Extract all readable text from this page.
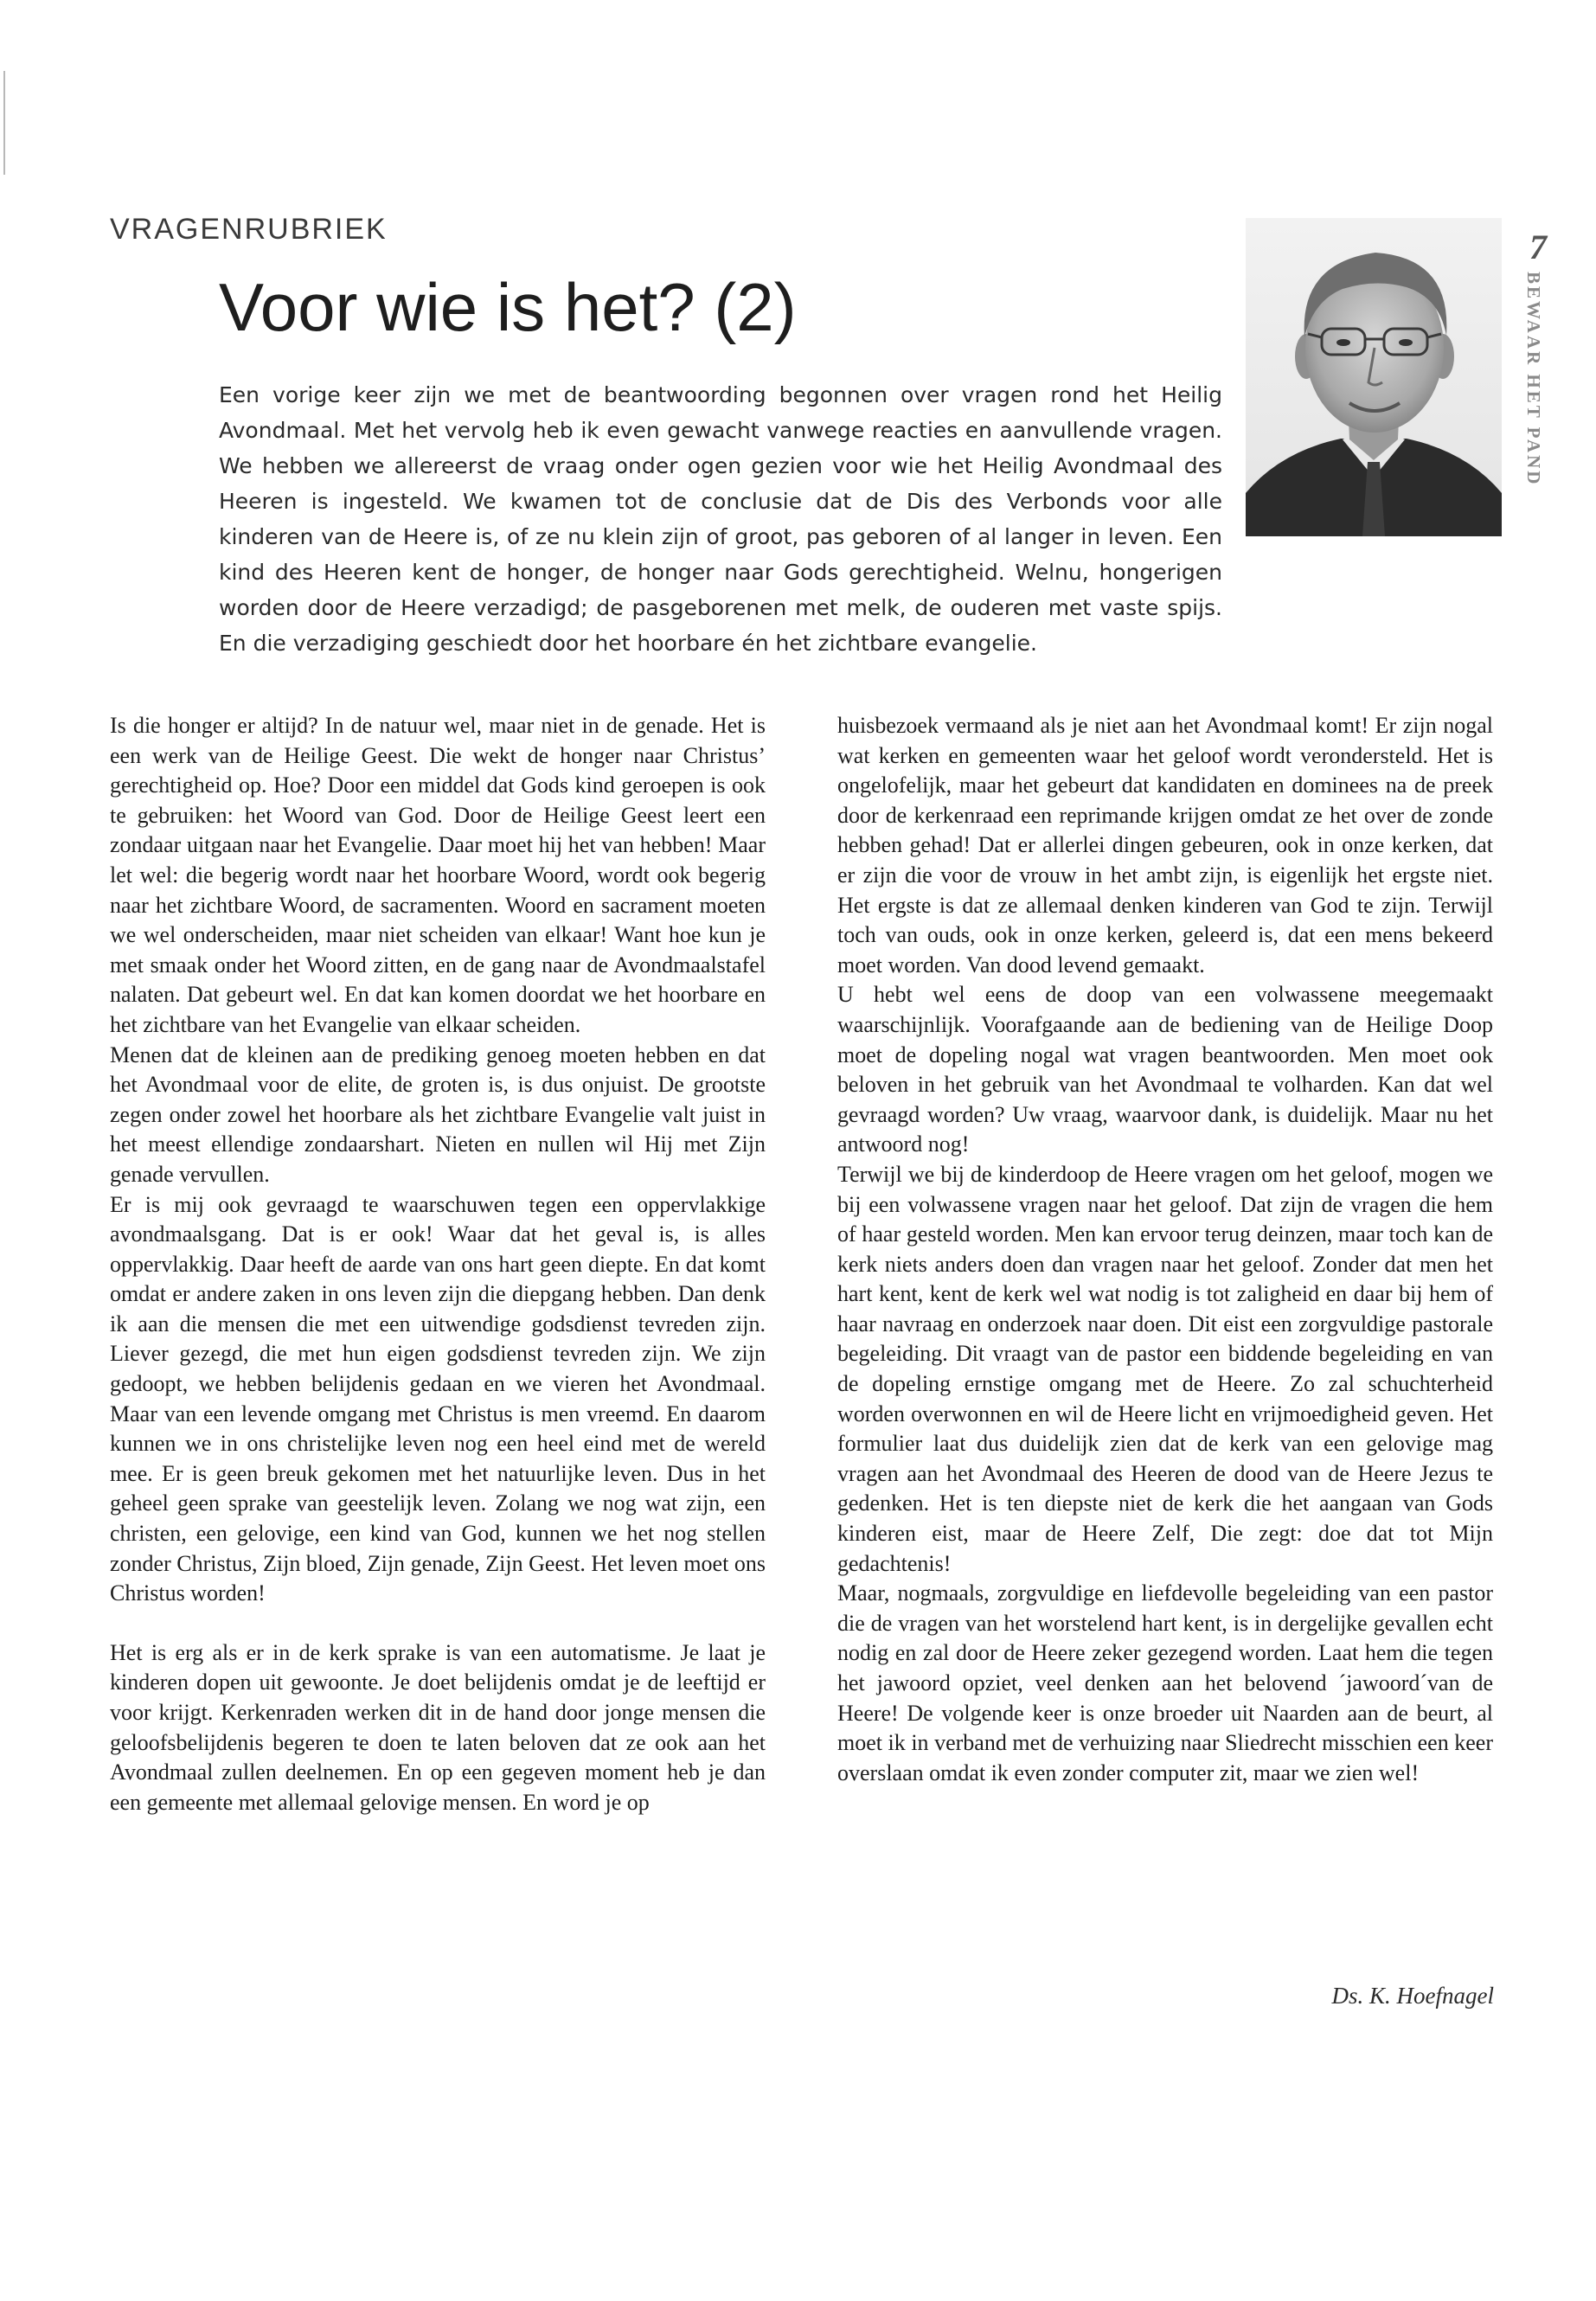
VRAGENRUBRIEK
Voor wie is het? (2)

Een vorige keer zijn we met de beantwoording begonnen over vragen rond het Heilig Avondmaal. Met het vervolg heb ik even gewacht vanwege reacties en aanvullende vragen. We hebben we allereerst de vraag onder ogen gezien voor wie het Heilig Avondmaal des Heeren is ingesteld. We kwamen tot de conclusie dat de Dis des Verbonds voor alle kinderen van de Heere is, of ze nu klein zijn of groot, pas geboren of al langer in leven. Een kind des Heeren kent de honger, de honger naar Gods gerechtigheid. Welnu, hongerigen worden door de Heere verzadigd; de pasgeborenen met melk, de ouderen met vaste spijs. En die verzadiging geschiedt door het hoorbare én het zichtbare evangelie.

7
BEWAAR HET PAND

Is die honger er altijd? In de natuur wel, maar niet in de genade. Het is een werk van de Heilige Geest. Die wekt de honger naar Christus’ gerechtigheid op. Hoe? Door een middel dat Gods kind geroepen is ook te gebruiken: het Woord van God. Door de Heilige Geest leert een zondaar uitgaan naar het Evangelie. Daar moet hij het van hebben! Maar let wel: die begerig wordt naar het hoorbare Woord, wordt ook begerig naar het zichtbare Woord, de sacramenten. Woord en sacrament moeten we wel onderscheiden, maar niet scheiden van elkaar! Want hoe kun je met smaak onder het Woord zitten, en de gang naar de Avondmaalstafel nalaten. Dat gebeurt wel. En dat kan komen doordat we het hoorbare en het zichtbare van het Evangelie van elkaar scheiden.

Menen dat de kleinen aan de prediking genoeg moeten hebben en dat het Avondmaal voor de elite, de groten is, is dus onjuist. De grootste zegen onder zowel het hoorbare als het zichtbare Evangelie valt juist in het meest ellendige zondaarshart. Nieten en nullen wil Hij met Zijn genade vervullen.

Er is mij ook gevraagd te waarschuwen tegen een oppervlakkige avondmaalsgang. Dat is er ook! Waar dat het geval is, is alles oppervlakkig. Daar heeft de aarde van ons hart geen diepte. En dat komt omdat er andere zaken in ons leven zijn die diepgang hebben. Dan denk ik aan die mensen die met een uitwendige godsdienst tevreden zijn. Liever gezegd, die met hun eigen godsdienst tevreden zijn. We zijn gedoopt, we hebben belijdenis gedaan en we vieren het Avondmaal. Maar van een levende omgang met Christus is men vreemd. En daarom kunnen we in ons christelijke leven nog een heel eind met de wereld mee. Er is geen breuk gekomen met het natuurlijke leven. Dus in het geheel geen sprake van geestelijk leven. Zolang we nog wat zijn, een christen, een gelovige, een kind van God, kunnen we het nog stellen zonder Christus, Zijn bloed, Zijn genade, Zijn Geest. Het leven moet ons Christus worden!

Het is erg als er in de kerk sprake is van een automatisme. Je laat je kinderen dopen uit gewoonte. Je doet belijdenis omdat je de leeftijd er voor krijgt. Kerkenraden werken dit in de hand door jonge mensen die geloofsbelijdenis begeren te doen te laten beloven dat ze ook aan het Avondmaal zullen deelnemen. En op een gegeven moment heb je dan een gemeente met allemaal gelovige mensen. En word je op

huisbezoek vermaand als je niet aan het Avondmaal komt! Er zijn nogal wat kerken en gemeenten waar het geloof wordt verondersteld. Het is ongelofelijk, maar het gebeurt dat kandidaten en dominees na de preek door de kerkenraad een reprimande krijgen omdat ze het over de zonde hebben gehad! Dat er allerlei dingen gebeuren, ook in onze kerken, dat er zijn die voor de vrouw in het ambt zijn, is eigenlijk het ergste niet. Het ergste is dat ze allemaal denken kinderen van God te zijn. Terwijl toch van ouds, ook in onze kerken, geleerd is, dat een mens bekeerd moet worden. Van dood levend gemaakt.

U hebt wel eens de doop van een volwassene meegemaakt waarschijnlijk. Voorafgaande aan de bediening van de Heilige Doop moet de dopeling nogal wat vragen beantwoorden. Men moet ook beloven in het gebruik van het Avondmaal te volharden. Kan dat wel gevraagd worden? Uw vraag, waarvoor dank, is duidelijk. Maar nu het antwoord nog!

Terwijl we bij de kinderdoop de Heere vragen om het geloof, mogen we bij een volwassene vragen naar het geloof. Dat zijn de vragen die hem of haar gesteld worden. Men kan ervoor terug deinzen, maar toch kan de kerk niets anders doen dan vragen naar het geloof. Zonder dat men het hart kent, kent de kerk wel wat nodig is tot zaligheid en daar bij hem of haar navraag en onderzoek naar doen. Dit eist een zorgvuldige pastorale begeleiding. Dit vraagt van de pastor een biddende begeleiding en van de dopeling ernstige omgang met de Heere. Zo zal schuchterheid worden overwonnen en wil de Heere licht en vrijmoedigheid geven. Het formulier laat dus duidelijk zien dat de kerk van een gelovige mag vragen aan het Avondmaal des Heeren de dood van de Heere Jezus te gedenken. Het is ten diepste niet de kerk die het aangaan van Gods kinderen eist, maar de Heere Zelf, Die zegt: doe dat tot Mijn gedachtenis!

Maar, nogmaals, zorgvuldige en liefdevolle begeleiding van een pastor die de vragen van het worstelend hart kent, is in dergelijke gevallen echt nodig en zal door de Heere zeker gezegend worden. Laat hem die tegen het jawoord opziet, veel denken aan het belovend ´jawoord´van de Heere! De volgende keer is onze broeder uit Naarden aan de beurt, al moet ik in verband met de verhuizing naar Sliedrecht misschien een keer overslaan omdat ik even zonder computer zit, maar we zien wel!

Ds. K. Hoefnagel
